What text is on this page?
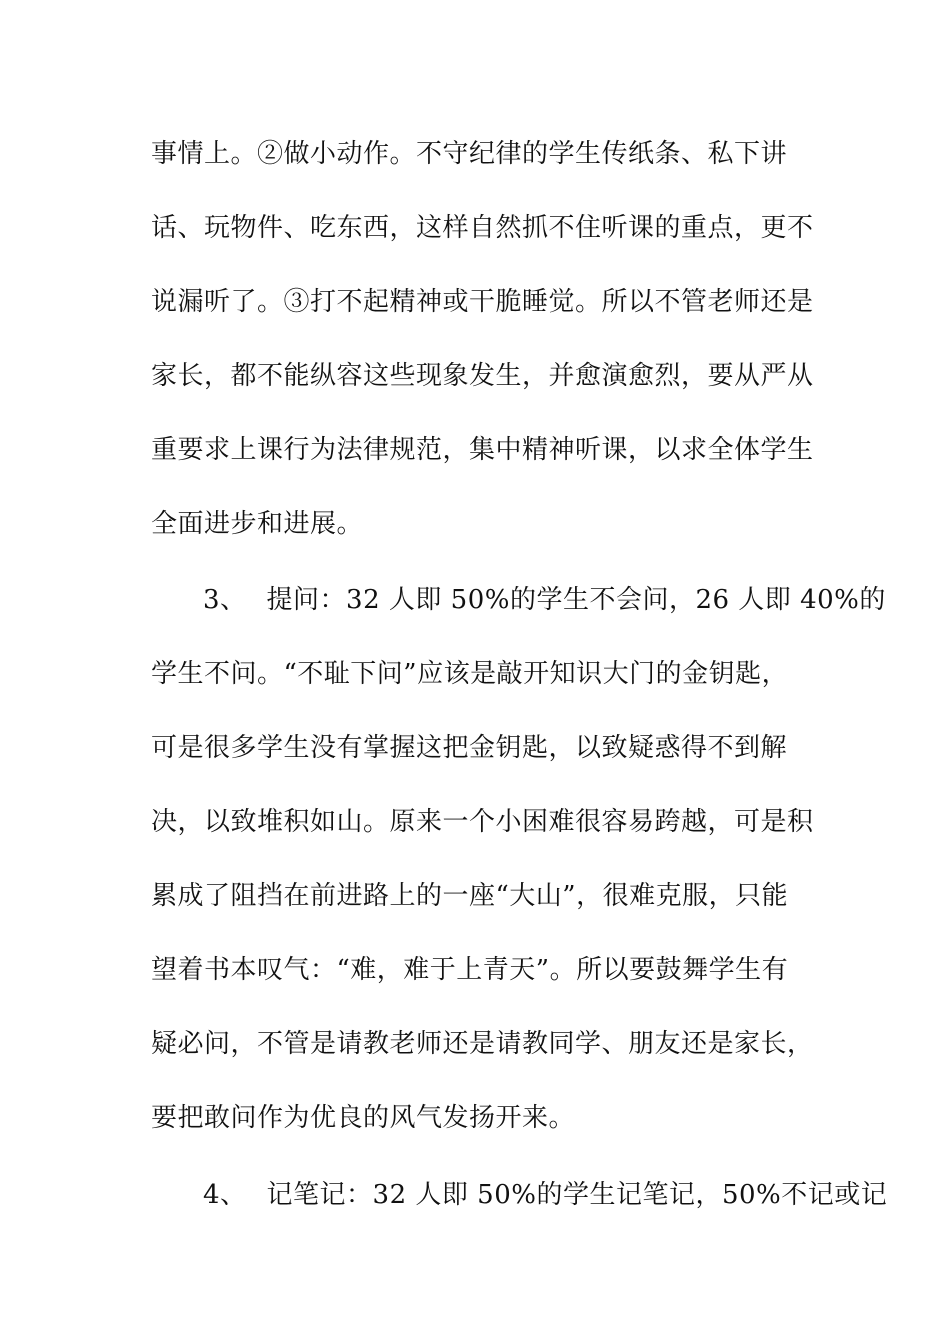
事情上。②做小动作。不守纪律的学生传纸条、私下讲
话、玩物件、吃东西，这样自然抓不住听课的重点，更不
说漏听了。③打不起精神或干脆睡觉。所以不管老师还是
家长，都不能纵容这些现象发生，并愈演愈烈，要从严从
重要求上课行为法律规范，集中精神听课，以求全体学生
全面进步和进展。
3、 提问：32 人即 50%的学生不会问，26 人即 40%的
学生不问。“不耻下问”应该是敲开知识大门的金钥匙，
可是很多学生没有掌握这把金钥匙，以致疑惑得不到解
决，以致堆积如山。原来一个小困难很容易跨越，可是积
累成了阻挡在前进路上的一座“大山”，很难克服，只能
望着书本叹气：“难，难于上青天”。所以要鼓舞学生有
疑必问，不管是请教老师还是请教同学、朋友还是家长，
要把敢问作为优良的风气发扬开来。
4、 记笔记：32 人即 50%的学生记笔记，50%不记或记
